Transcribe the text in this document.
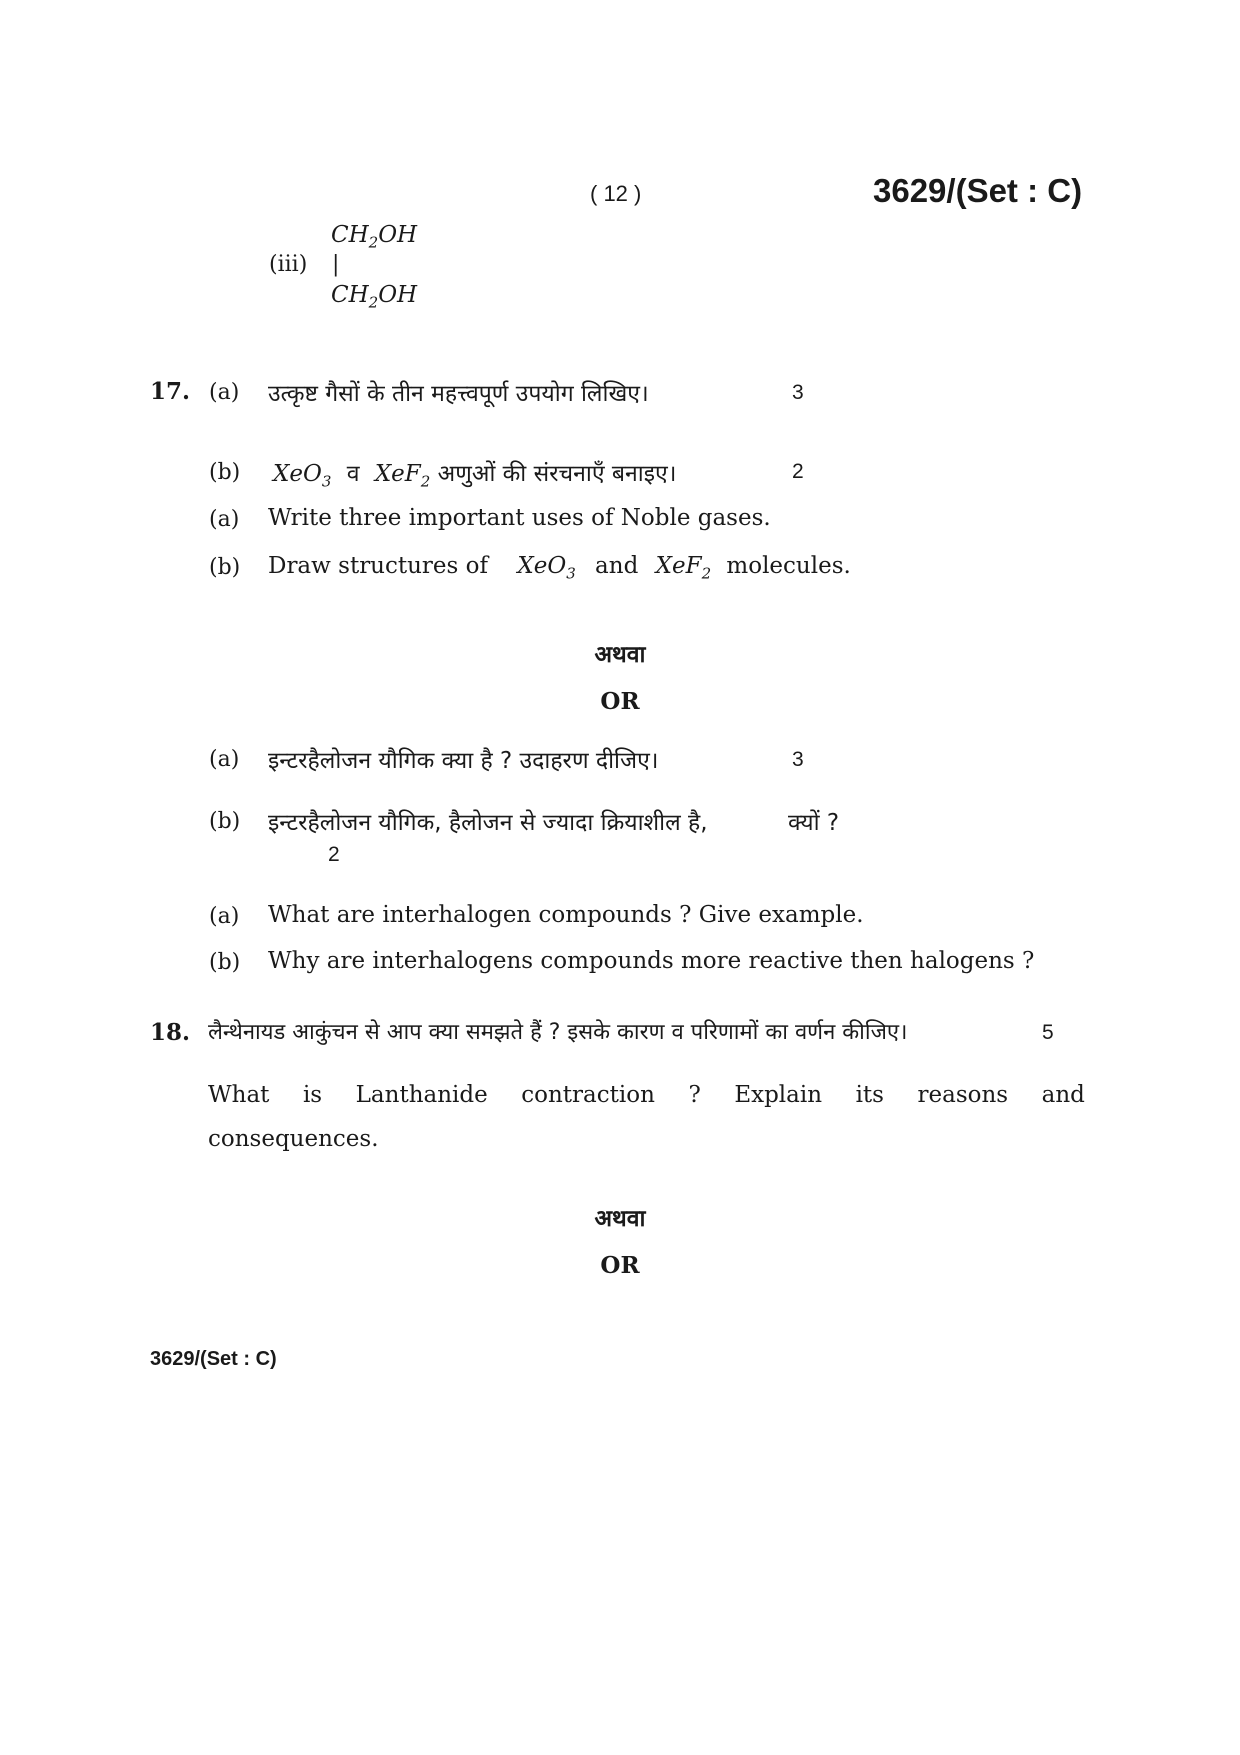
( 12 )	3629/(Set : C)
(iii)
$CH_2OH$
|
$CH_2OH$
17. (a) उत्कृष्ट गैसों के तीन महत्त्वपूर्ण उपयोग लिखिए।	3
(b) XeO$_3$ व XeF$_2$ अणुओं की संरचनाएँ बनाइए।	2
(a) Write three important uses of Noble gases.
(b) Draw structures of XeO$_3$ and XeF$_2$ molecules.
अथवा
OR
(a) इन्टरहैलोजन यौगिक क्या है ? उदाहरण दीजिए।	3
(b) इन्टरहैलोजन यौगिक, हैलोजन से ज्यादा क्रियाशील है,	क्यों ?
2
(a) What are interhalogen compounds ? Give example.
(b) Why are interhalogens compounds more reactive then halogens ?
18. लैन्थेनायड आकुंचन से आप क्या समझते हैं ? इसके कारण व परिणामों का वर्णन कीजिए।	5
What is Lanthanide contraction ? Explain its reasons and
consequences.
अथवा
OR
3629/(Set : C)
